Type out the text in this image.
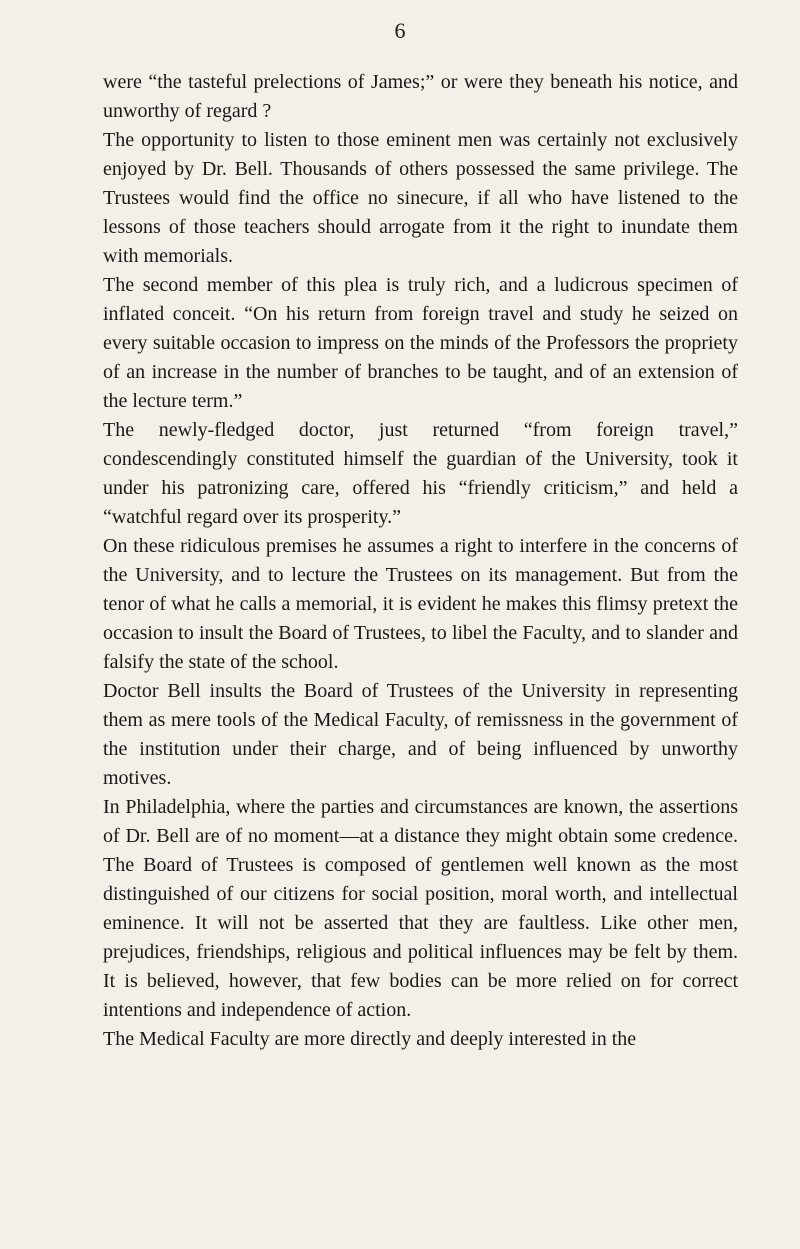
6

were “the tasteful prelections of James;” or were they beneath his notice, and unworthy of regard ?

The opportunity to listen to those eminent men was certainly not exclusively enjoyed by Dr. Bell. Thousands of others possessed the same privilege. The Trustees would find the office no sinecure, if all who have listened to the lessons of those teachers should arrogate from it the right to inundate them with memorials.

The second member of this plea is truly rich, and a ludicrous specimen of inflated conceit. “On his return from foreign travel and study he seized on every suitable occasion to impress on the minds of the Professors the propriety of an increase in the number of branches to be taught, and of an extension of the lecture term.”

The newly-fledged doctor, just returned “from foreign travel,” condescendingly constituted himself the guardian of the University, took it under his patronizing care, offered his “friendly criticism,” and held a “watchful regard over its prosperity.”

On these ridiculous premises he assumes a right to interfere in the concerns of the University, and to lecture the Trustees on its management. But from the tenor of what he calls a memorial, it is evident he makes this flimsy pretext the occasion to insult the Board of Trustees, to libel the Faculty, and to slander and falsify the state of the school.

Doctor Bell insults the Board of Trustees of the University in representing them as mere tools of the Medical Faculty, of remissness in the government of the institution under their charge, and of being influenced by unworthy motives.

In Philadelphia, where the parties and circumstances are known, the assertions of Dr. Bell are of no moment—at a distance they might obtain some credence. The Board of Trustees is composed of gentlemen well known as the most distinguished of our citizens for social position, moral worth, and intellectual eminence. It will not be asserted that they are faultless. Like other men, prejudices, friendships, religious and political influences may be felt by them. It is believed, however, that few bodies can be more relied on for correct intentions and independence of action.

The Medical Faculty are more directly and deeply interested in the
